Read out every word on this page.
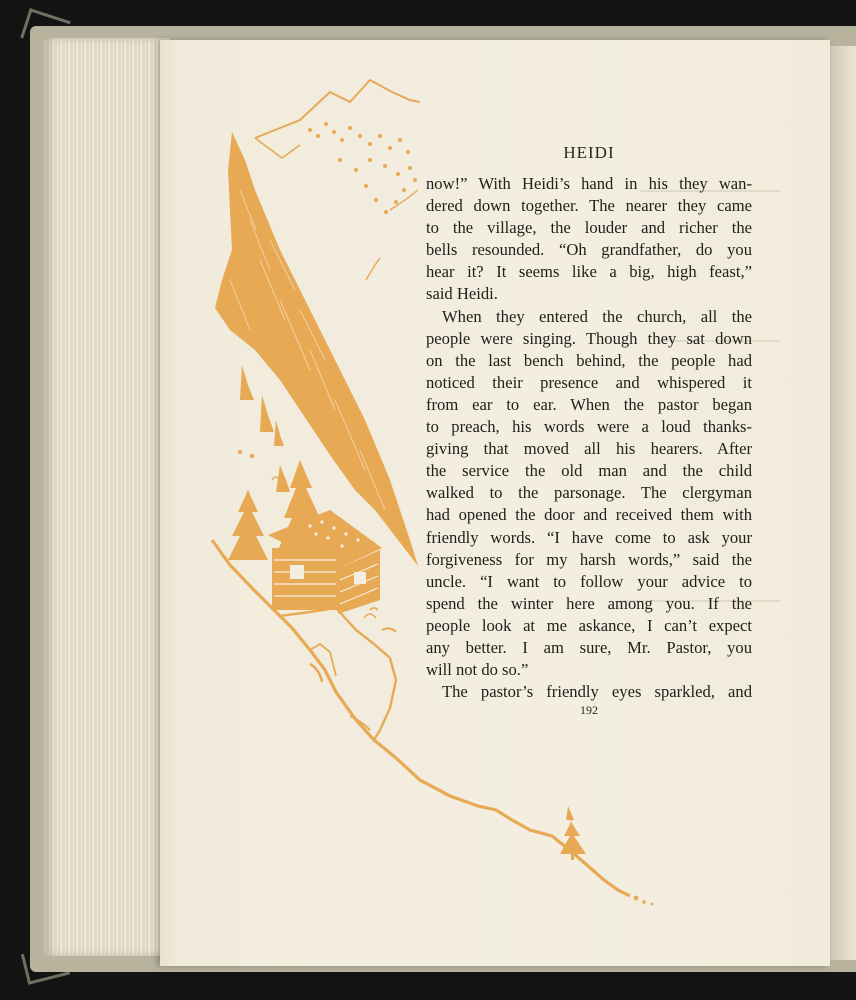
HEIDI

now!” With Heidi’s hand in his they wan-

dered down together. The nearer they came

to the village, the louder and richer the

bells resounded. “Oh grandfather, do you

hear it? It seems like a big, high feast,”

said Heidi.

When they entered the church, all the

people were singing. Though they sat down

on the last bench behind, the people had

noticed their presence and whispered it

from ear to ear. When the pastor began

to preach, his words were a loud thanks-

giving that moved all his hearers. After

the service the old man and the child

walked to the parsonage. The clergyman

had opened the door and received them with

friendly words. “I have come to ask your

forgiveness for my harsh words,” said the

uncle. “I want to follow your advice to

spend the winter here among you. If the

people look at me askance, I can’t expect

any better. I am sure, Mr. Pastor, you

will not do so.”

The pastor’s friendly eyes sparkled, and

192
